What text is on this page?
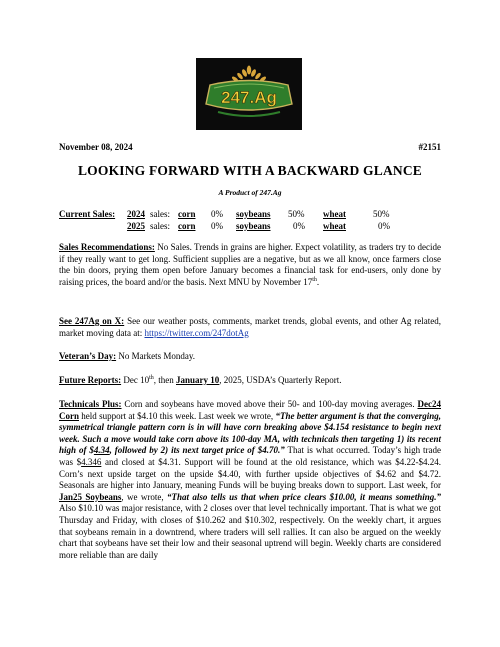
247.Ag
November 08, 2024	#2151
LOOKING FORWARD WITH A BACKWARD GLANCE
A Product of 247.Ag
Current Sales: 2024 sales: corn 0% soybeans 50% wheat	50%
2025 sales: corn 0% soybeans 0% wheat	0%

Sales Recommendations: No Sales. Trends in grains are higher. Expect volatility, as traders try to decide if they really want to get long. Sufficient supplies are a negative, but as we all know, once farmers close the bin doors, prying them open before January becomes a financial task for end-users, only done by raising prices, the board and/or the basis. Next MNU by November 17th.

See 247Ag on X: See our weather posts, comments, market trends, global events, and other Ag related, market moving data at: https://twitter.com/247dotAg

Veteran’s Day: No Markets Monday.

Future Reports: Dec 10th, then January 10, 2025, USDA’s Quarterly Report.

Technicals Plus: Corn and soybeans have moved above their 50- and 100-day moving averages. Dec24 Corn held support at $4.10 this week. Last week we wrote, “The better argument is that the converging, symmetrical triangle pattern corn is in will have corn breaking above $4.154 resistance to begin next week. Such a move would take corn above its 100-day MA, with technicals then targeting 1) its recent high of $4.34, followed by 2) its next target price of $4.70.” That is what occurred. Today’s high trade was $4.346 and closed at $4.31. Support will be found at the old resistance, which was $4.22-$4.24. Corn’s next upside target on the upside $4.40, with further upside objectives of $4.62 and $4.72. Seasonals are higher into January, meaning Funds will be buying breaks down to support. Last week, for Jan25 Soybeans, we wrote, “That also tells us that when price clears $10.00, it means something.” Also $10.10 was major resistance, with 2 closes over that level technically important. That is what we got Thursday and Friday, with closes of $10.262 and $10.302, respectively. On the weekly chart, it argues that soybeans remain in a downtrend, where traders will sell rallies. It can also be argued on the weekly chart that soybeans have set their low and their seasonal uptrend will begin. Weekly charts are considered more reliable than are daily
